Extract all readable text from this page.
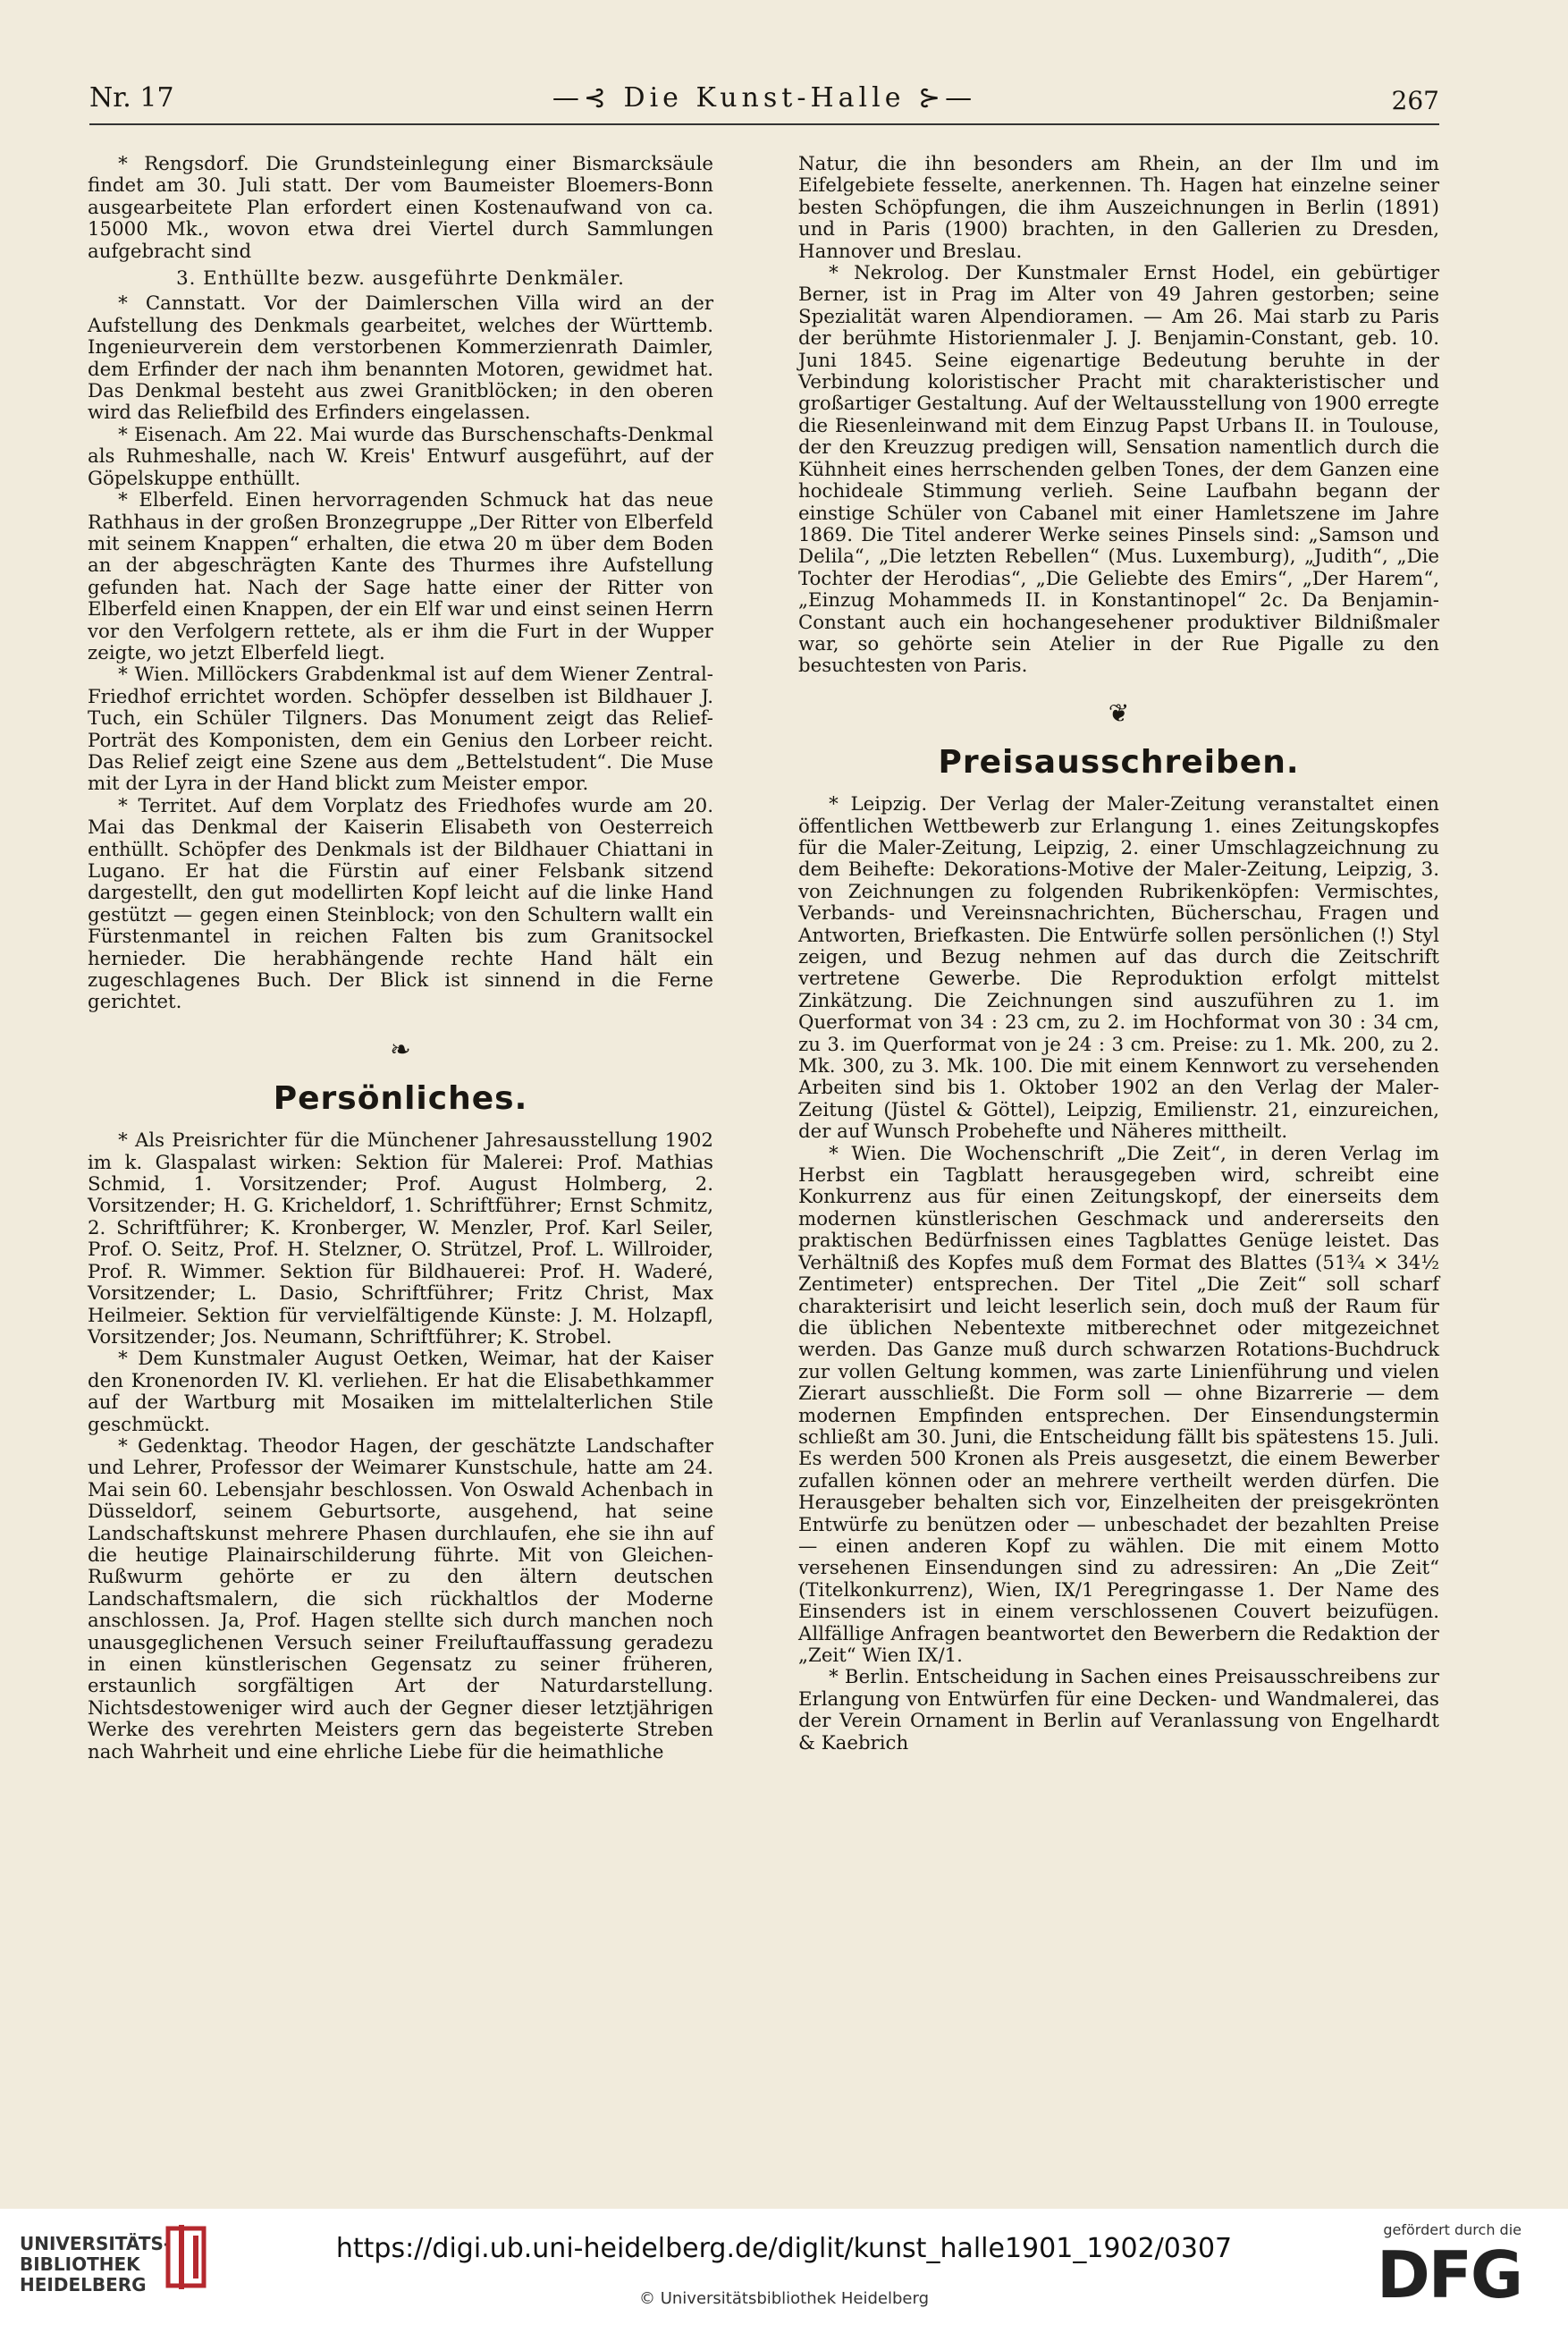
Nr. 17	—⊰ Die Kunst-Halle ⊱—	267

* Rengsdorf. Die Grundsteinlegung einer Bismarcksäule findet am 30. Juli statt. Der vom Baumeister Bloemers-Bonn ausgearbeitete Plan erfordert einen Kostenaufwand von ca. 15000 Mk., wovon etwa drei Viertel durch Sammlungen aufgebracht sind

3. Enthüllte bezw. ausgeführte Denkmäler.

* Cannstatt. Vor der Daimlerschen Villa wird an der Aufstellung des Denkmals gearbeitet, welches der Württemb. Ingenieurverein dem verstorbenen Kommerzienrath Daimler, dem Erfinder der nach ihm benannten Motoren, gewidmet hat. Das Denkmal besteht aus zwei Granitblöcken; in den oberen wird das Reliefbild des Erfinders eingelassen.

* Eisenach. Am 22. Mai wurde das Burschenschafts-Denkmal als Ruhmeshalle, nach W. Kreis' Entwurf ausgeführt, auf der Göpelskuppe enthüllt.

* Elberfeld. Einen hervorragenden Schmuck hat das neue Rathhaus in der großen Bronzegruppe „Der Ritter von Elberfeld mit seinem Knappen“ erhalten, die etwa 20 m über dem Boden an der abgeschrägten Kante des Thurmes ihre Aufstellung gefunden hat. Nach der Sage hatte einer der Ritter von Elberfeld einen Knappen, der ein Elf war und einst seinen Herrn vor den Verfolgern rettete, als er ihm die Furt in der Wupper zeigte, wo jetzt Elberfeld liegt.

* Wien. Millöckers Grabdenkmal ist auf dem Wiener Zentral-Friedhof errichtet worden. Schöpfer desselben ist Bildhauer J. Tuch, ein Schüler Tilgners. Das Monument zeigt das Relief-Porträt des Komponisten, dem ein Genius den Lorbeer reicht. Das Relief zeigt eine Szene aus dem „Bettelstudent“. Die Muse mit der Lyra in der Hand blickt zum Meister empor.

* Territet. Auf dem Vorplatz des Friedhofes wurde am 20. Mai das Denkmal der Kaiserin Elisabeth von Oesterreich enthüllt. Schöpfer des Denkmals ist der Bildhauer Chiattani in Lugano. Er hat die Fürstin auf einer Felsbank sitzend dargestellt, den gut modellirten Kopf leicht auf die linke Hand gestützt — gegen einen Steinblock; von den Schultern wallt ein Fürstenmantel in reichen Falten bis zum Granitsockel hernieder. Die herabhängende rechte Hand hält ein zugeschlagenes Buch. Der Blick ist sinnend in die Ferne gerichtet.

❧
Persönliches.

* Als Preisrichter für die Münchener Jahresausstellung 1902 im k. Glaspalast wirken: Sektion für Malerei: Prof. Mathias Schmid, 1. Vorsitzender; Prof. August Holmberg, 2. Vorsitzender; H. G. Kricheldorf, 1. Schriftführer; Ernst Schmitz, 2. Schriftführer; K. Kronberger, W. Menzler, Prof. Karl Seiler, Prof. O. Seitz, Prof. H. Stelzner, O. Strützel, Prof. L. Willroider, Prof. R. Wimmer. Sektion für Bildhauerei: Prof. H. Waderé, Vorsitzender; L. Dasio, Schriftführer; Fritz Christ, Max Heilmeier. Sektion für vervielfältigende Künste: J. M. Holzapfl, Vorsitzender; Jos. Neumann, Schriftführer; K. Strobel.

* Dem Kunstmaler August Oetken, Weimar, hat der Kaiser den Kronenorden IV. Kl. verliehen. Er hat die Elisabethkammer auf der Wartburg mit Mosaiken im mittelalterlichen Stile geschmückt.

* Gedenktag. Theodor Hagen, der geschätzte Landschafter und Lehrer, Professor der Weimarer Kunstschule, hatte am 24. Mai sein 60. Lebensjahr beschlossen. Von Oswald Achenbach in Düsseldorf, seinem Geburtsorte, ausgehend, hat seine Landschaftskunst mehrere Phasen durchlaufen, ehe sie ihn auf die heutige Plainairschilderung führte. Mit von Gleichen-Rußwurm gehörte er zu den ältern deutschen Landschaftsmalern, die sich rückhaltlos der Moderne anschlossen. Ja, Prof. Hagen stellte sich durch manchen noch unausgeglichenen Versuch seiner Freiluftauffassung geradezu in einen künstlerischen Gegensatz zu seiner früheren, erstaunlich sorgfältigen Art der Naturdarstellung. Nichtsdestoweniger wird auch der Gegner dieser letztjährigen Werke des verehrten Meisters gern das begeisterte Streben nach Wahrheit und eine ehrliche Liebe für die heimathliche

Natur, die ihn besonders am Rhein, an der Ilm und im Eifelgebiete fesselte, anerkennen. Th. Hagen hat einzelne seiner besten Schöpfungen, die ihm Auszeichnungen in Berlin (1891) und in Paris (1900) brachten, in den Gallerien zu Dresden, Hannover und Breslau.

* Nekrolog. Der Kunstmaler Ernst Hodel, ein gebürtiger Berner, ist in Prag im Alter von 49 Jahren gestorben; seine Spezialität waren Alpendioramen. — Am 26. Mai starb zu Paris der berühmte Historienmaler J. J. Benjamin-Constant, geb. 10. Juni 1845. Seine eigenartige Bedeutung beruhte in der Verbindung koloristischer Pracht mit charakteristischer und großartiger Gestaltung. Auf der Weltausstellung von 1900 erregte die Riesenleinwand mit dem Einzug Papst Urbans II. in Toulouse, der den Kreuzzug predigen will, Sensation namentlich durch die Kühnheit eines herrschenden gelben Tones, der dem Ganzen eine hochideale Stimmung verlieh. Seine Laufbahn begann der einstige Schüler von Cabanel mit einer Hamletszene im Jahre 1869. Die Titel anderer Werke seines Pinsels sind: „Samson und Delila“, „Die letzten Rebellen“ (Mus. Luxemburg), „Judith“, „Die Tochter der Herodias“, „Die Geliebte des Emirs“, „Der Harem“, „Einzug Mohammeds II. in Konstantinopel“ 2c. Da Benjamin-Constant auch ein hochangesehener produktiver Bildnißmaler war, so gehörte sein Atelier in der Rue Pigalle zu den besuchtesten von Paris.

❦
Preisausschreiben.

* Leipzig. Der Verlag der Maler-Zeitung veranstaltet einen öffentlichen Wettbewerb zur Erlangung 1. eines Zeitungskopfes für die Maler-Zeitung, Leipzig, 2. einer Umschlagzeichnung zu dem Beihefte: Dekorations-Motive der Maler-Zeitung, Leipzig, 3. von Zeichnungen zu folgenden Rubrikenköpfen: Vermischtes, Verbands- und Vereinsnachrichten, Bücherschau, Fragen und Antworten, Briefkasten. Die Entwürfe sollen persönlichen (!) Styl zeigen, und Bezug nehmen auf das durch die Zeitschrift vertretene Gewerbe. Die Reproduktion erfolgt mittelst Zinkätzung. Die Zeichnungen sind auszuführen zu 1. im Querformat von 34 : 23 cm, zu 2. im Hochformat von 30 : 34 cm, zu 3. im Querformat von je 24 : 3 cm. Preise: zu 1. Mk. 200, zu 2. Mk. 300, zu 3. Mk. 100. Die mit einem Kennwort zu versehenden Arbeiten sind bis 1. Oktober 1902 an den Verlag der Maler-Zeitung (Jüstel & Göttel), Leipzig, Emilienstr. 21, einzureichen, der auf Wunsch Probehefte und Näheres mittheilt.

* Wien. Die Wochenschrift „Die Zeit“, in deren Verlag im Herbst ein Tagblatt herausgegeben wird, schreibt eine Konkurrenz aus für einen Zeitungskopf, der einerseits dem modernen künstlerischen Geschmack und andererseits den praktischen Bedürfnissen eines Tagblattes Genüge leistet. Das Verhältniß des Kopfes muß dem Format des Blattes (51¾ × 34½ Zentimeter) entsprechen. Der Titel „Die Zeit“ soll scharf charakterisirt und leicht leserlich sein, doch muß der Raum für die üblichen Nebentexte mitberechnet oder mitgezeichnet werden. Das Ganze muß durch schwarzen Rotations-Buchdruck zur vollen Geltung kommen, was zarte Linienführung und vielen Zierart ausschließt. Die Form soll — ohne Bizarrerie — dem modernen Empfinden entsprechen. Der Einsendungstermin schließt am 30. Juni, die Entscheidung fällt bis spätestens 15. Juli. Es werden 500 Kronen als Preis ausgesetzt, die einem Bewerber zufallen können oder an mehrere vertheilt werden dürfen. Die Herausgeber behalten sich vor, Einzelheiten der preisgekrönten Entwürfe zu benützen oder — unbeschadet der bezahlten Preise — einen anderen Kopf zu wählen. Die mit einem Motto versehenen Einsendungen sind zu adressiren: An „Die Zeit“ (Titelkonkurrenz), Wien, IX/1 Peregringasse 1. Der Name des Einsenders ist in einem verschlossenen Couvert beizufügen. Allfällige Anfragen beantwortet den Bewerbern die Redaktion der „Zeit“ Wien IX/1.

* Berlin. Entscheidung in Sachen eines Preisausschreibens zur Erlangung von Entwürfen für eine Decken- und Wandmalerei, das der Verein Ornament in Berlin auf Veranlassung von Engelhardt & Kaebrich

UNIVERSITÄTS-
BIBLIOTHEK
HEIDELBERG
https://digi.ub.uni-heidelberg.de/diglit/kunst_halle1901_1902/0307
© Universitätsbibliothek Heidelberg
gefördert durch die
DFG
